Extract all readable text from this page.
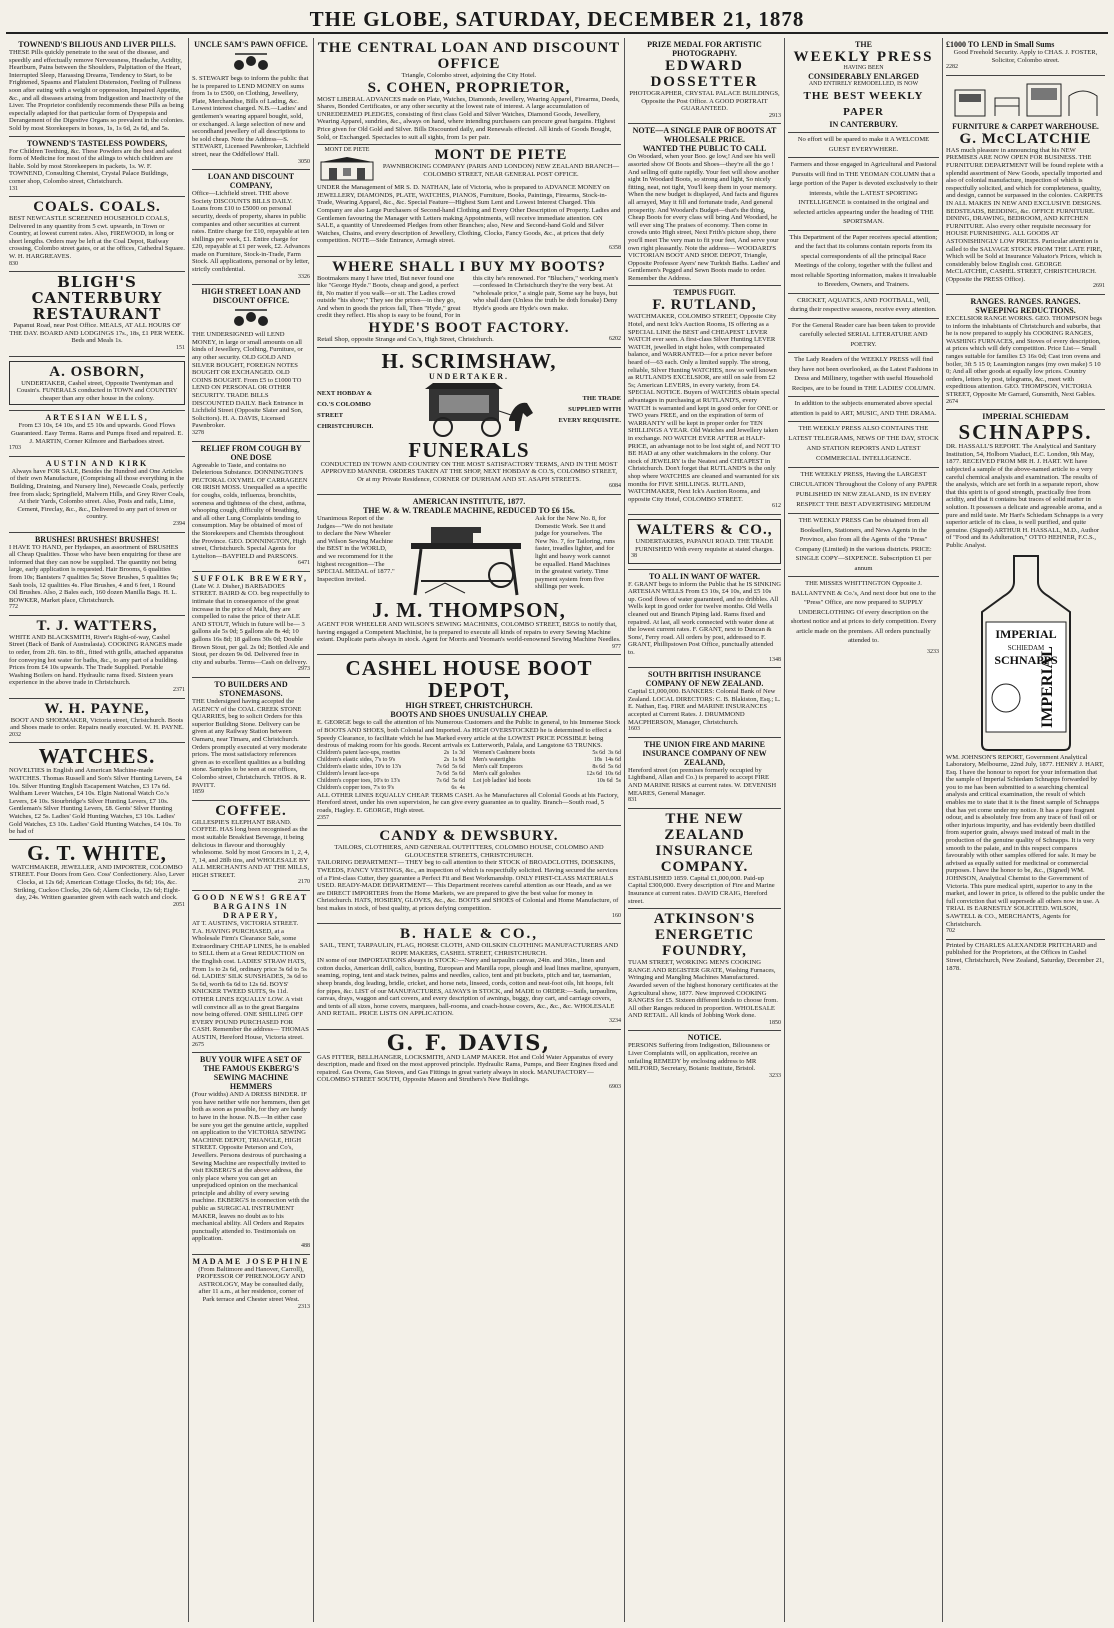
THE GLOBE, SATURDAY, DECEMBER 21, 1878
TOWNEND'S BILIOUS AND LIVER PILLS.
THESE Pills quickly penetrate to the seat of the disease, and speedily and effectually remove Nervousness, Headache, Acidity, Heartburn, Pains between the Shoulders, Palpitation of the Heart, Interrupted Sleep, Harassing Dreams, Tendency to Start, to be Frightened, Spasms and Flatulent Distension, Feeling of Fullness soon after eating with a weight or oppression, Impaired Appetite, &c., and all diseases arising from Indigestion and Inactivity of the Liver. The Proprietor confidently recommends these Pills as being especially adapted for that particular form of Dyspepsia and Derangement of the Digestive Organs so prevalent in the colonies. Sold by most Storekeepers in boxes, 1s, 1s 6d, 2s 6d, and 5s.
TOWNEND'S TASTELESS POWDERS,
For Children Teething, &c. These Powders are the best and safest form of Medicine for most of the ailings to which children are liable. Sold by most Storekeepers in packets, 1s. W. F. TOWNEND, Consulting Chemist, Crystal Palace Buildings, corner shop, Colombo street, Christchurch.
131
COALS. COALS.
BEST NEWCASTLE SCREENED HOUSEHOLD COALS, Delivered in any quantity from 5 cwt. upwards, in Town or Country, at lowest current rates. Also, FIREWOOD, in long or short lengths. Orders may be left at the Coal Depot, Railway crossing, Colombo street gates, or at the offices, Cathedral Square. W. H. HARGREAVES.
830
BLIGH'S CANTERBURY RESTAURANT
Papanui Road, near Post Office. MEALS, AT ALL HOURS OF THE DAY. BOARD AND LODGINGS 17s., 18s, £1 PER WEEK. Beds and Meals 1s.
151
A. OSBORN,
UNDERTAKER, Cashel street, Opposite Twentyman and Cousin's. FUNERALS conducted in TOWN and COUNTRY cheaper than any other house in the colony.
ARTESIAN WELLS,
From £3 10s, £4 10s, and £5 10s and upwards. Good Flows Guaranteed. Easy Terms. Rams and Pumps fixed and repaired. E. J. MARTIN, Corner Kilmore and Barbadoes street.
1703
AUSTIN AND KIRK
Always have FOR SALE, Besides the Hundred and One Articles of their own Manufacture, (Comprising all those everything in the Building, Draining, and Nursery line), Newcastle Coals, perfectly free from slack; Springfield, Malvern Hills, and Grey River Coals, At their Yards, Colombo street. Also, Posts and rails, Lime, Cement, Fireclay, &c., &c., Delivered to any part of town or country.
2394
BRUSHES! BRUSHES! BRUSHES!
I HAVE TO HAND, per Hydaspes, an assortment of BRUSHES all Cheap Qualities. Those who have been enquiring for these are informed that they can now be supplied. The quantity not being large, early application is requested. Hair Brooms, 6 qualities from 10s; Banisters 7 qualities 5s; Stove Brushes, 5 qualities 9s; Sash tools, 12 qualities 4s. Flue Brushes, 4 and 6 feet, 1 Round Oil Brushes. Also, 2 Bales each, 160 dozen Manilla Bags. H. L. BOWKER, Market place, Christchurch.
772
T. J. WATTERS,
WHITE AND BLACKSMITH, River's Right-of-way, Cashel Street (Back of Bank of Australasia). COOKING RANGES made to order, from 2ft. 6in. to 8ft., fitted with grills, attached apparatus for conveying hot water for baths, &c., to any part of a building. Prices from £4 10s upwards. The Trade Supplied. Portable Washing Boilers on hand. Hydraulic rams fixed. Sixteen years experience in the above trade in Christchurch.
2371
W. H. PAYNE,
BOOT AND SHOEMAKER, Victoria street, Christchurch. Boots and Shoes made to order. Repairs neatly executed. W. H. PAYNE.
2032
WATCHES.
NOVELTIES in English and American Machine-made WATCHES. Thomas Russell and Son's Silver Hunting Levers, £4 10s. Silver Hunting English Escapement Watches, £3 17s 6d. Waltham Lever Watches, £4 10s. Elgin National Watch Co.'s Levers, £4 10s. Stourbridge's Silver Hunting Levers, £7 10s. Gentleman's Silver Hunting Levers, £8. Gents' Silver Hunting Watches, £2 5s. Ladies' Gold Hunting Watches, £3 10s. Ladies' Gold Watches, £3 10s. Ladies' Gold Hunting Watches, £4 10s. To be had of
G. T. WHITE,
WATCHMAKER, JEWELLER, AND IMPORTER, COLOMBO STREET. Four Doors from Geo. Coss' Confectionery. Also, Lever Clocks, at 12s 6d; American Cottage Clocks, 8s 6d; 16s, &c. Striking, Cuckoo Clocks, 20s 6d; Alarm Clocks, 12s 6d; Eight-day, 24s. Written guarantee given with each watch and clock.
2051
UNCLE SAM'S PAWN OFFICE.
S. STEWART begs to inform the public that he is prepared to LEND MONEY on sums from 1s to £500, on Clothing, Jewellery, Plate, Merchandise, Bills of Lading, &c. Lowest interest charged. N.B.—Ladies' and gentlemen's wearing apparel bought, sold, or exchanged. A large selection of new and secondhand jewellery of all descriptions to be sold cheap. Note the Address—S. STEWART, Licensed Pawnbroker, Lichfield street, near the Oddfellows' Hall.
3050
LOAN AND DISCOUNT COMPANY,
Office—Lichfield street. THE above Society DISCOUNTS BILLS DAILY. Loans from £10 to £5000 on personal security, deeds of property, shares in public companies and other securities at current rates. Entire charge for £10, repayable at ten shillings per week, £1. Entire charge for £20, repayable at £1 per week, £2. Advances made on Furniture, Stock-in-Trade, Farm Stock. All applications, personal or by letter, strictly confidential.
3326
HIGH STREET LOAN AND DISCOUNT OFFICE.
THE UNDERSIGNED will LEND MONEY, in large or small amounts on all kinds of Jewellery, Clothing, Furniture, or any other security. OLD GOLD AND SILVER BOUGHT, FOREIGN NOTES BOUGHT OR EXCHANGED. OLD COINS BOUGHT. From £5 to £1000 TO LEND ON PERSONAL OR OTHER SECURITY. TRADE BILLS DISCOUNTED DAILY. Back Entrance in Lichfield Street (Opposite Slater and Son, Solicitors). H. A. DAVIS, Licensed Pawnbroker.
3278
RELIEF FROM COUGH BY ONE DOSE
Agreeable to Taste, and contains no Deleterious Substance. DONNINGTON'S PECTORAL OXYMEL OF CARRAGEEN OR IRISH MOSS. Unequalled as a specific for coughs, colds, influenza, bronchitis, soreness and tightness of the chest, asthma, whooping cough, difficulty of breathing, and all other Lung Complaints tending to consumption. May be obtained of most of the Storekeepers and Chemists throughout the Province. GEO. DONNINGTON, High street, Christchurch. Special Agents for Lyttelton—BAYFIELD and PARSONS.
6471
SUFFOLK BREWERY,
(Late W. J. Disher,) BARBADOES STREET. BAIRD & CO. beg respectfully to intimate that in consequence of the great increase in the price of Malt, they are compelled to raise the price of their ALE AND STOUT, Which in future will be— 3 gallons ale 5s 0d; 5 gallons ale 8s 4d; 10 gallons 16s 8d; 18 gallons 30s 0d; Double Brown Stout, per gal. 2s 0d; Bottled Ale and Stout, per dozen 9s 0d. Delivered free in city and suburbs. Terms—Cash on delivery.
2973
TO BUILDERS AND STONEMASONS.
THE Undersigned having accepted the AGENCY of the COAL CREEK STONE QUARRIES, beg to solicit Orders for this superior Building Stone. Delivery can be given at any Railway Station between Oamaru, near Timaru, and Christchurch. Orders promptly executed at very moderate prices. The most satisfactory references given as to excellent qualities as a building stone. Samples to be seen at our offices, Colombo street, Christchurch. THOS. & R. PAVITT.
1859
COFFEE.
GILLESPIE'S ELEPHANT BRAND. COFFEE. HAS long been recognised as the most suitable Breakfast Beverage, it being delicious in flavour and thoroughly wholesome. Sold by most Grocers in 1, 2, 4, 7, 14, and 28lb tins, and WHOLESALE BY ALL MERCHANTS AND AT THE MILLS, HIGH STREET.
2170
GOOD NEWS! GREAT BARGAINS IN DRAPERY,
AT T. AUSTIN'S, VICTORIA STREET. T.A. HAVING PURCHASED, at a Wholesale Firm's Clearance Sale, some Extraordinary CHEAP LINES, he is enabled to SELL them at a Great REDUCTION on the English cost. LADIES' STRAW HATS, From 1s to 2s 6d, ordinary price 3s 6d to 5s 6d. LADIES' SILK SUNSHADES, 3s 6d to 5s 6d, worth 6s 6d to 12s 6d. BOYS' KNICKER TWEED SUITS, 9s 11d. OTHER LINES EQUALLY LOW. A visit will convince all as to the great Bargains now being offered. ONE SHILLING OFF EVERY POUND PURCHASED FOR CASH. Remember the address— THOMAS AUSTIN, Hereford House, Victoria street.
2675
BUY YOUR WIFE A SET OF THE FAMOUS EKBERG'S SEWING MACHINE HEMMERS
(Four widths) AND A DRESS BINDER. IF you have neither wife nor hemmers, then get both as soon as possible, for they are handy to have in the house. N.B.—In either case be sure you get the genuine article, supplied on application to the VICTORIA SEWING MACHINE DEPOT, TRIANGLE, HIGH STREET. Opposite Peterson and Co's, Jewellers. Persons desirous of purchasing a Sewing Machine are respectfully invited to visit EKBERG'S at the above address, the only place where you can get an unprejudiced opinion on the mechanical principle and ability of every sewing machine. EKBERG'S in connection with the public as SURGICAL INSTRUMENT MAKER, leaves no doubt as to his mechanical ability. All Orders and Repairs punctually attended to. Testimonials on application.
488
MADAME JOSEPHINE
(From Baltimore and Hanover, Carroll), PROFESSOR OF PHRENOLOGY AND ASTROLOGY, May be consulted daily, after 11 a.m., at her residence, corner of Park terrace and Chester street West.
2313
THE CENTRAL LOAN AND DISCOUNT OFFICE
Triangle, Colombo street, adjoining the City Hotel.
S. COHEN, PROPRIETOR,
MOST LIBERAL ADVANCES made on Plate, Watches, Diamonds, Jewellery, Wearing Apparel, Firearms, Deeds, Shares, Bonded Certificates, or any other security at the lowest rate of interest. A large accumulation of UNREDEEMED PLEDGES, consisting of first class Gold and Silver Watches, Diamond Goods, Jewellery, Wearing Apparel, sundries, &c., always on hand, where intending purchasers can procure great bargains. Highest Price given for Old Gold and Silver. Bills Discounted daily, and Renewals effected. All kinds of Goods Bought, Sold, or Exchanged. Spectacles to suit all sights, from 1s per pair.
MONT DE PIETE	MONT DE PIETE
PAWNBROKING COMPANY (PARIS AND LONDON) NEW ZEALAND BRANCH—COLOMBO STREET, NEAR GENERAL POST OFFICE.
UNDER the Management of MR S. D. NATHAN, late of Victoria, who is prepared to ADVANCE MONEY on JEWELLERY, DIAMONDS, PLATE, WATCHES, PIANOS, Furniture, Books, Paintings, Firearms, Stock-in-Trade, Wearing Apparel, &c., &c. Special Feature—Highest Sum Lent and Lowest Interest Charged. This Company are also Large Purchasers of Second-hand Clothing and Every Other Description of Property. Ladies and Gentlemen favouring the Manager with Letters making Appointments, will receive immediate attention. ON SALE, a quantity of Unredeemed Pledges from other Branches; also, New and Second-hand Gold and Silver Watches, Chains, and every description of Jewellery, Clothing, Clocks, Fancy Goods, &c., at prices that defy competition. NOTE—Side Entrance, Armagh street.
6358
WHERE SHALL I BUY MY BOOTS?
Bootmakers many I have tried, But never found one like "George Hyde." Boots, cheap and good, a perfect fit, No matter if you walk—or sit. The Ladies crowd outside "his show;" They see the prices—in they go, And when in goods the prices fall, Then "Hyde," great credit they reflect. His shop is easy to be found, For in this city he's renowned. For "Bluchers," working men's—confessed In Christchurch they're the very best. At "wholesale price," a single pair, Some say he buys, but who shall dare (Unless the truth be doth forsake) Deny Hyde's goods are Hyde's own make.
HYDE'S BOOT FACTORY.
Retail Shop, opposite Strange and Co.'s, High Street, Christchurch.	6202
H. SCRIMSHAW,
UNDERTAKER.
NEXT HOBDAY & CO.'S COLOMBO STREET CHRISTCHURCH.
THE TRADE SUPPLIED WITH EVERY REQUISITE.
FUNERALS
CONDUCTED IN TOWN AND COUNTRY ON THE MOST SATISFACTORY TERMS, AND IN THE MOST APPROVED MANNER. ORDERS TAKEN AT THE SHOP, NEXT HOBDAY & CO.'S, COLOMBO STREET, Or at my Private Residence, CORNER OF DURHAM AND ST. ASAPH STREETS.
6084
AMERICAN INSTITUTE, 1877.
THE W. & W. TREADLE MACHINE, REDUCED TO £6 15s.
Unanimous Report of the Judges—"We do not hesitate to declare the New Wheeler and Wilson Sewing Machine the BEST in the WORLD, and we recommend for it the highest recognition—The SPECIAL MEDAL of 1877." Inspection invited.
Ask for the New No. 8, for Domestic Work. See it and judge for yourselves. The New No. 7, for Tailoring, runs faster, treadles lighter, and for light and heavy work cannot be equalled. Hand Machines in the greatest variety. Time payment system from five shillings per week.
J. M. THOMPSON,
AGENT FOR WHEELER AND WILSON'S SEWING MACHINES, COLOMBO STREET, BEGS to notify that, having engaged a Competent Machinist, he is prepared to execute all kinds of repairs to every Sewing Machine extant. Duplicate parts always in stock. Agent for Morris and Yeoman's world-renowned Sewing Machine Needles.
977
CASHEL HOUSE BOOT DEPOT,
HIGH STREET, CHRISTCHURCH.
BOOTS AND SHOES UNUSUALLY CHEAP.
E. GEORGE begs to call the attention of his Numerous Customers and the Public in general, to his Immense Stock of BOOTS AND SHOES, both Colonial and Imported. As HIGH OVERSTOCKED he is determined to effect a Speedy Clearance, to facilitate which he has Marked every article at the LOWEST PRICE POSSIBLE being desirous of making room for his goods. Recent arrivals ex Lutterworth, Palala, and Langstone 63 TRUNKS.
Children's patent lace-ups, rosettes	2s 1s 3d
Children's elastic sides, 7's to 9's	2s 1s 9d
Children's elastic sides, 10's to 13's	7s 6d 5s 6d
Children's levant lace-ups	7s 6d 5s 6d
Children's copper toes, 10's to 13's	7s 6d 5s 6d
Children's copper toes, 7's to 9's	6s 4s
Women's Cashmere boots	5s 6d 3s 6d
Men's watertights	18s 14s 6d
Men's calf Emperors	8s 6d 5s 6d
Men's calf goloshes	12s 6d 10s 6d
Lot job ladies' kid boots	10s 6d 5s
ALL OTHER LINES EQUALLY CHEAP. TERMS CASH. As he Manufactures all Colonial Goods at his Factory, Hereford street, under his own supervision, he can give every guarantee as to quality. Branch—South road, 5 roads, Hagley. E. GEORGE, High street.
2357
CANDY & DEWSBURY.
TAILORS, CLOTHIERS, AND GENERAL OUTFITTERS, COLOMBO HOUSE, COLOMBO AND GLOUCESTER STREETS, CHRISTCHURCH.
TAILORING DEPARTMENT— THEY beg to call attention to their STOCK of BROADCLOTHS, DOESKINS, TWEEDS, FANCY VESTINGS, &c., an inspection of which is respectfully solicited. Having secured the services of a First-class Cutter, they guarantee a Perfect Fit and Best Workmanship. ONLY FIRST-CLASS MATERIALS USED. READY-MADE DEPARTMENT— This Department receives careful attention as our Heads, and as we are DIRECT IMPORTERS from the Home Markets, we are prepared to give the best value for money in Christchurch. HATS, HOSIERY, GLOVES, &c., &c. BOOTS and SHOES of Colonial and Home Manufacture, of best makes in stock, of best quality, at prices defying competition.
160
B. HALE & CO.,
SAIL, TENT, TARPAULIN, FLAG, HORSE CLOTH, AND OILSKIN CLOTHING MANUFACTURERS AND ROPE MAKERS, CASHEL STREET, CHRISTCHURCH.
IN some of our IMPORTATIONS always in STOCK:—Navy and tarpaulin canvas, 24in. and 36in., linen and cotton ducks, American drill, calico, bunting, European and Manilla rope, plough and lead lines marline, spunyarn, seaming, roping, tent and stack twines, palms and needles, calico, tent and pit buckets, pitch and tar, tasmanian, sheep brands, dog leading, bridle, cricket, and horse nets, linseed, cords, cotton and neat-foot oils, hit hoops, felt for pipes, &c. LIST of our MANUFACTURES, ALWAYS in STOCK, and MADE to ORDER:—Sails, tarpaulins, canvas, drays, waggon and cart covers, and every description of awnings, buggy, dray cart, and carriage covers, and tents of all sizes, horse covers, marquees, ball-rooms, and coach-house covers, &c., &c., &c. WHOLESALE AND RETAIL. PRICE LISTS ON APPLICATION.
3234
G. F. DAVIS,
GAS FITTER, BELLHANGER, LOCKSMITH, AND LAMP MAKER. Hot and Cold Water Apparatus of every description, made and fixed on the most approved principle. Hydraulic Rams, Pumps, and Beer Engines fixed and repaired. Gas Ovens, Gas Stoves, and Gas Fittings in great variety always in stock. MANUFACTORY—COLOMBO STREET SOUTH, Opposite Mason and Struthers's New Buildings.
6903
PRIZE MEDAL FOR ARTISTIC PHOTOGRAPHY.
EDWARD DOSSETTER
PHOTOGRAPHER, CRYSTAL PALACE BUILDINGS, Opposite the Post Office. A GOOD PORTRAIT GUARANTEED.
2913
NOTE—A SINGLE PAIR OF BOOTS AT WHOLESALE PRICE.
WANTED THE PUBLIC TO CALL
On Woodard, when your Boo. ge low,! And see his well assorted show Of Boots and Shoes—they're all the go ! And selling off quite rapidly. Your feet will show another sight In Woodard Boots, so strong and light, So nicely fitting, neat, not tight, You'll keep them in your memory. When the new budget is displayed, And facts and figures all arrayed, May it fill and fortunate trade, And general prosperity. And Woodard's Budget—that's the thing, Cheap Boots for every class will bring And Woodard, he will ever sing The praises of economy. Then come in crowds unto High street, Next Frith's picture shop, there you'll meet The very man to fit your feet, And serve your own right pleasantly. Note the address— WOODARD'S VICTORIAN BOOT AND SHOE DEPOT, Triangle, Opposite Professor Ayers' new Turkish Baths. Ladies' and Gentlemen's Pegged and Sewn Boots made to order. Remember the Address.
TEMPUS FUGIT.
F. RUTLAND,
WATCHMAKER, COLOMBO STREET, Opposite City Hotel, and next Ick's Auction Rooms, IS offering as a SPECIAL LINE the BEST and CHEAPEST LEVER WATCH ever seen. A first-class Silver Hunting LEVER WATCH, jewelled in eight holes, with compensated balance, and WARRANTED—for a price never before heard of—63 each. Only a limited supply. The strong, reliable, Silver Hunting WATCHES, now so well known as RUTLAND'S EXCELSIOR, are still on sale from £2 5s; American LEVERS, in every variety, from £4. SPECIAL NOTICE. Buyers of WATCHES obtain special advantages in purchasing at RUTLAND'S, every WATCH is warranted and kept in good order for ONE or TWO years FREE, and on the expiration of term of WARRANTY will be kept in proper order for TEN SHILLINGS A YEAR. Old Watches and Jewellery taken in exchange. NO WATCH EVER AFTER at HALF-PRICE, an advantage not to be lost sight of, and NOT TO BE HAD at any other watchmakers in the colony. Our stock of JEWELRY is the Neatest and CHEAPEST in Christchurch. Don't forget that RUTLAND'S is the only shop where WATCHES are cleaned and warranted for six months for FIVE SHILLINGS. RUTLAND, WATCHMAKER, Next Ick's Auction Rooms, and opposite City Hotel, COLOMBO STREET.
612
WALTERS & CO.,
UNDERTAKERS, PAPANUI ROAD. THE TRADE FURNISHED With every requisite at stated charges.
38
TO ALL IN WANT OF WATER.
F. GRANT begs to inform the Public that he IS SINKING ARTESIAN WELLS From £3 10s, £4 10s, and £5 10s up. Good flows of water guaranteed, and no dribbles. All Wells kept in good order for twelve months. Old Wells cleaned out and Branch Piping laid. Rams fixed and repaired. At last, all work connected with water done at the lowest current rates. F. GRANT, next to Duncan & Sons', Ferry road. All orders by post, addressed to F. GRANT, Phillipstown Post Office, punctually attended to.
1348
SOUTH BRITISH INSURANCE COMPANY OF NEW ZEALAND.
Capital £1,000,000. BANKERS: Colonial Bank of New Zealand. LOCAL DIRECTORS: C. B. Blakiston, Esq.; L. E. Nathan, Esq. FIRE and MARINE INSURANCES accepted at Current Rates. J. DRUMMOND MACPHERSON, Manager, Christchurch.
1603
THE UNION FIRE AND MARINE INSURANCE COMPANY OF NEW ZEALAND,
Hereford street (on premises formerly occupied by Lightband, Allan and Co.) is prepared to accept FIRE AND MARINE RISKS at current rates. W. DEVENISH MEARES, General Manager.
831
THE NEW ZEALAND INSURANCE COMPANY.
ESTABLISHED 1859. Capital £1,000,000. Paid-up Capital £300,000. Every description of Fire and Marine Insurance at current rates. DAVID CRAIG, Hereford street.
ATKINSON'S ENERGETIC FOUNDRY,
TUAM STREET, WORKING MEN'S COOKING RANGE AND REGISTER GRATE, Washing Furnaces, Wringing and Mangling Machines Manufactured. Awarded seven of the highest honorary certificates at the Agricultural show, 1877. New improved COOKING RANGES for £5. Sixteen different kinds to choose from. All other Ranges reduced in proportion. WHOLESALE AND RETAIL. All kinds of Jobbing Work done.
1850
NOTICE.
PERSONS Suffering from Indigestion, Biliousness or Liver Complaints will, on application, receive an unfailing REMEDY by enclosing address to MR MILFORD, Secretary, Botanic Institute, Bristol.
3233
THE
WEEKLY PRESS
HAVING BEEN
CONSIDERABLY ENLARGED
AND ENTIRELY REMODELLED, IS NOW
THE BEST WEEKLY PAPER
IN CANTERBURY.
No effort will be spared to make it A WELCOME GUEST EVERYWHERE.
Farmers and those engaged in Agricultural and Pastoral Pursuits will find in THE YEOMAN COLUMN that a large portion of the Paper is devoted exclusively to their interests, while the LATEST SPORTING INTELLIGENCE is contained in the original and selected articles appearing under the heading of THE SPORTSMAN.
This Department of the Paper receives special attention; and the fact that its columns contain reports from its special correspondents of all the principal Race Meetings of the colony, together with the fullest and most reliable Sporting information, makes it invaluable to Breeders, Owners, and Trainers.
CRICKET, AQUATICS, AND FOOTBALL, Will, during their respective seasons, receive every attention.
For the General Reader care has been taken to provide carefully selected SERIAL LITERATURE AND POETRY.
The Lady Readers of the WEEKLY PRESS will find they have not been overlooked, as the Latest Fashions in Dress and Millinery, together with useful Household Recipes, are to be found in THE LADIES' COLUMN.
In addition to the subjects enumerated above special attention is paid to ART, MUSIC, AND THE DRAMA.
THE WEEKLY PRESS ALSO CONTAINS THE LATEST TELEGRAMS, NEWS OF THE DAY, STOCK AND STATION REPORTS AND LATEST COMMERCIAL INTELLIGENCE.
THE WEEKLY PRESS, Having the LARGEST CIRCULATION Throughout the Colony of any PAPER PUBLISHED IN NEW ZEALAND, IS IN EVERY RESPECT THE BEST ADVERTISING MEDIUM
THE WEEKLY PRESS Can be obtained from all Booksellers, Stationers, and News Agents in the Province, also from all the Agents of the "Press" Company (Limited) in the various districts. PRICE: SINGLE COPY—SIXPENCE. Subscription £1 per annum
THE MISSES WHITTINGTON Opposite J. BALLANTYNE & Co.'s, And next door but one to the "Press" Office, are now prepared to SUPPLY UNDERCLOTHING Of every description on the shortest notice and at prices to defy competition. Every article made on the premises. All orders punctually attended to.
3233
£1000 TO LEND in Small Sums
Good Freehold Security. Apply to CHAS. J. FOSTER, Solicitor, Colombo street.
2282
FURNITURE & CARPET WAREHOUSE.
G. McCLATCHIE
HAS much pleasure in announcing that his NEW PREMISES ARE NOW OPEN FOR BUSINESS. THE FURNITURE DEPARTMENT Will be found replete with a splendid assortment of New Goods, specially imported and also of colonial manufacture, inspection of which is respectfully solicited, and which for completeness, quality, and design, cannot be surpassed in the colonies. CARPETS IN ALL MAKES IN NEW AND EXCLUSIVE DESIGNS. BEDSTEADS, BEDDING, &c. OFFICE FURNITURE. DINING, DRAWING, BEDROOM, AND KITCHEN FURNITURE. Also every other requisite necessary for HOUSE FURNISHING. ALL GOODS AT ASTONISHINGLY LOW PRICES. Particular attention is called to the SALVAGE STOCK FROM THE LATE FIRE, Which will be Sold at Insurance Valuator's Prices, which is considerably below English cost. GEORGE McCLATCHIE, CASHEL STREET, CHRISTCHURCH. (Opposite the PRESS Office).
2691
RANGES. RANGES. RANGES.
SWEEPING REDUCTIONS.
EXCELSIOR RANGE WORKS. GEO. THOMPSON begs to inform the inhabitants of Christchurch and suburbs, that he is now prepared to supply his COOKING RANGES, WASHING FURNACES, and Stoves of every description, at prices which will defy competition. Price List— Small ranges suitable for families £3 16s 0d; Cast iron ovens and boiler, 3ft 5 15 0; Leamington ranges (my own make) 5 10 0; And all other goods at equally low prices. Country orders, letters by post, telegrams, &c., meet with expeditious attention. GEO. THOMPSON, VICTORIA STREET, Opposite Mr Garrard, Gunsmith, Next Gables.
2674
IMPERIAL SCHIEDAM
SCHNAPPS.
DR. HASSALL'S REPORT. The Analytical and Sanitary Institution, 54, Holborn Viaduct, E.C. London, 9th May, 1877. RECEIVED FROM MR H. J. HART. WE have subjected a sample of the above-named article to a very careful chemical analysis and examination. The results of the analysis, which are set forth in a separate report, show that this spirit is of good strength, practically free from acidity, and that it contains but traces of solid matter in solution. It possesses a delicate and agreeable aroma, and a pure and mild taste. Mr Hart's Schiedam Schnapps is a very superior article of its class, is well purified, and quite genuine. (Signed) ARTHUR H. HASSALL, M.D., Author of "Food and its Adulteration," OTTO HEHNER, F.C.S., Public Analyst.
IMPERIAL
SCHIEDAM
SCHNAPPS
IMPERIAL
WM. JOHNSON'S REPORT, Government Analytical Laboratory, Melbourne, 22nd July, 1877. HENRY J. HART, Esq. I have the honour to report for your information that the sample of Imperial Schiedam Schnapps forwarded by you to me has been submitted to a searching chemical analysis and critical examination, the result of which enables me to state that it is the finest sample of Schnapps that has yet come under my notice. It has a pure fragrant odour, and is absolutely free from any trace of fusil oil or other injurious impurity, and has evidently been distilled from superior grain, always used instead of malt in the production of the genuine quality of Schnapps. It is very smooth to the palate, and in this respect compares favourably with other samples offered for sale. It may be advised as equally suited for medicinal or commercial purposes. I have the honor to be, &c., (Signed) WM. JOHNSON, Analytical Chemist to the Government of Victoria. This pure medical spirit, superior to any in the market, and lower in price, is offered to the public under the full conviction that will supersede all others now in use. A TRIAL IS EARNESTLY SOLICITED. WILSON, SAWTELL & CO., MERCHANTS, Agents for Christchurch.
702
Printed by CHARLES ALEXANDER PRITCHARD and published for the Proprietors, at the Offices in Cashel Street, Christchurch, New Zealand, Saturday, December 21, 1878.
